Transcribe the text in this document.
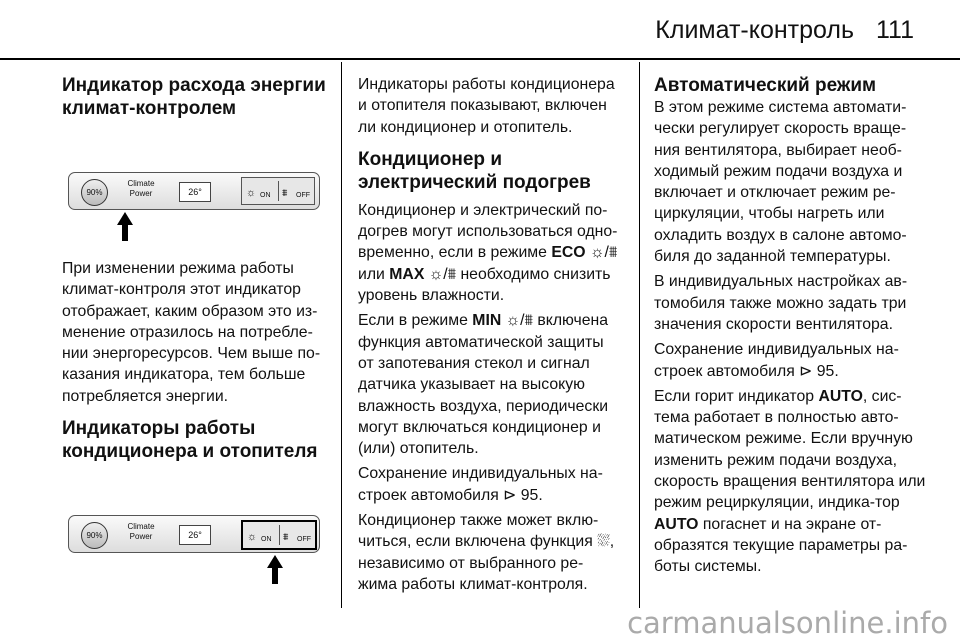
Климат-контроль 111
Индикатор расхода энергии климат-контролем
90%
Climate
Power	26°	☼ ON ⩩ OFF

При изменении режима работы климат-контроля этот индикатор отображает, каким образом это из-менение отразилось на потребле-нии энергоресурсов. Чем выше по-казания индикатора, тем больше потребляется энергии.

Индикаторы работы кондиционера и отопителя
90%
Climate
Power	26°	☼ ON ⩩ OFF

Индикаторы работы кондиционера и отопителя показывают, включен ли кондиционер и отопитель.

Кондиционер и электрический подогрев

Кондиционер и электрический по-догрев могут использоваться одно-временно, если в режиме ECO ☼/⩩ или MAX ☼/⩩ необходимо снизить уровень влажности.

Если в режиме MIN ☼/⩩ включена функция автоматической защиты от запотевания стекол и сигнал датчика указывает на высокую влажность воздуха, периодически могут включаться кондиционер и (или) отопитель.

Сохранение индивидуальных на-строек автомобиля ⊳ 95.

Кондиционер также может вклю-читься, если включена функция ⛆, независимо от выбранного ре-жима работы климат-контроля.

Автоматический режим

В этом режиме система автомати-чески регулирует скорость враще-ния вентилятора, выбирает необ-ходимый режим подачи воздуха и включает и отключает режим ре-циркуляции, чтобы нагреть или охладить воздух в салоне автомо-биля до заданной температуры.

В индивидуальных настройках ав-томобиля также можно задать три значения скорости вентилятора.

Сохранение индивидуальных на-строек автомобиля ⊳ 95.

Если горит индикатор AUTO, сис-тема работает в полностью авто-матическом режиме. Если вручную изменить режим подачи воздуха, скорость вращения вентилятора или режим рециркуляции, индика-тор AUTO погаснет и на экране от-образятся текущие параметры ра-боты системы.

carmanualsonline.info
